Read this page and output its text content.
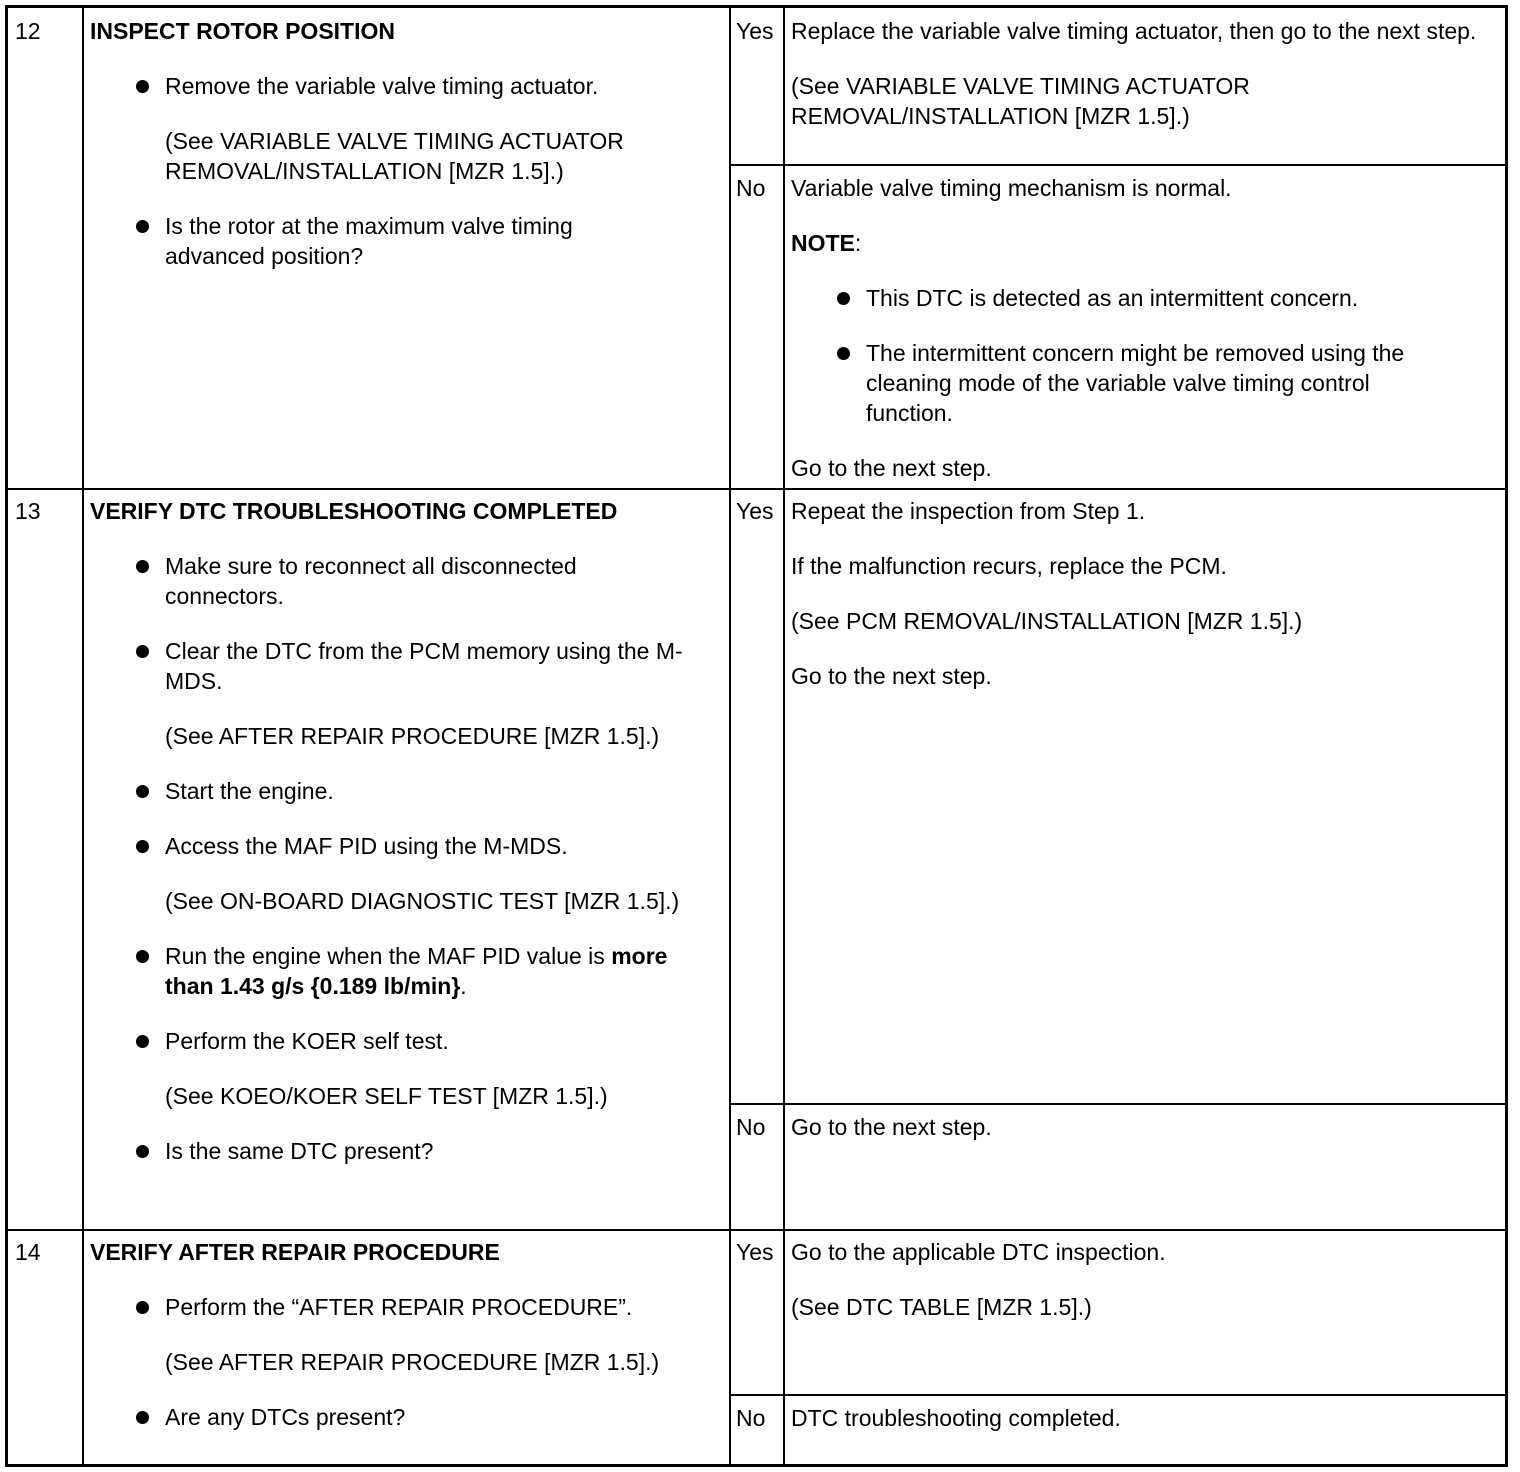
12 INSPECT ROTOR POSITION
Remove the variable valve timing actuator.
(See VARIABLE VALVE TIMING ACTUATOR REMOVAL/INSTALLATION [MZR 1.5].)
Is the rotor at the maximum valve timing advanced position?
Yes Replace the variable valve timing actuator, then go to the next step.
(See VARIABLE VALVE TIMING ACTUATOR REMOVAL/INSTALLATION [MZR 1.5].)
No Variable valve timing mechanism is normal.
NOTE:
This DTC is detected as an intermittent concern.
The intermittent concern might be removed using the cleaning mode of the variable valve timing control function.
Go to the next step.
13 VERIFY DTC TROUBLESHOOTING COMPLETED
Make sure to reconnect all disconnected connectors.
Clear the DTC from the PCM memory using the M-MDS.
(See AFTER REPAIR PROCEDURE [MZR 1.5].)
Start the engine.
Access the MAF PID using the M-MDS.
(See ON-BOARD DIAGNOSTIC TEST [MZR 1.5].)
Run the engine when the MAF PID value is more than 1.43 g/s {0.189 lb/min}.
Perform the KOER self test.
(See KOEO/KOER SELF TEST [MZR 1.5].)
Is the same DTC present?
Yes Repeat the inspection from Step 1.
If the malfunction recurs, replace the PCM.
(See PCM REMOVAL/INSTALLATION [MZR 1.5].)
Go to the next step.
No Go to the next step.
14 VERIFY AFTER REPAIR PROCEDURE
Perform the “AFTER REPAIR PROCEDURE”.
(See AFTER REPAIR PROCEDURE [MZR 1.5].)
Are any DTCs present?
Yes Go to the applicable DTC inspection.
(See DTC TABLE [MZR 1.5].)
No DTC troubleshooting completed.
